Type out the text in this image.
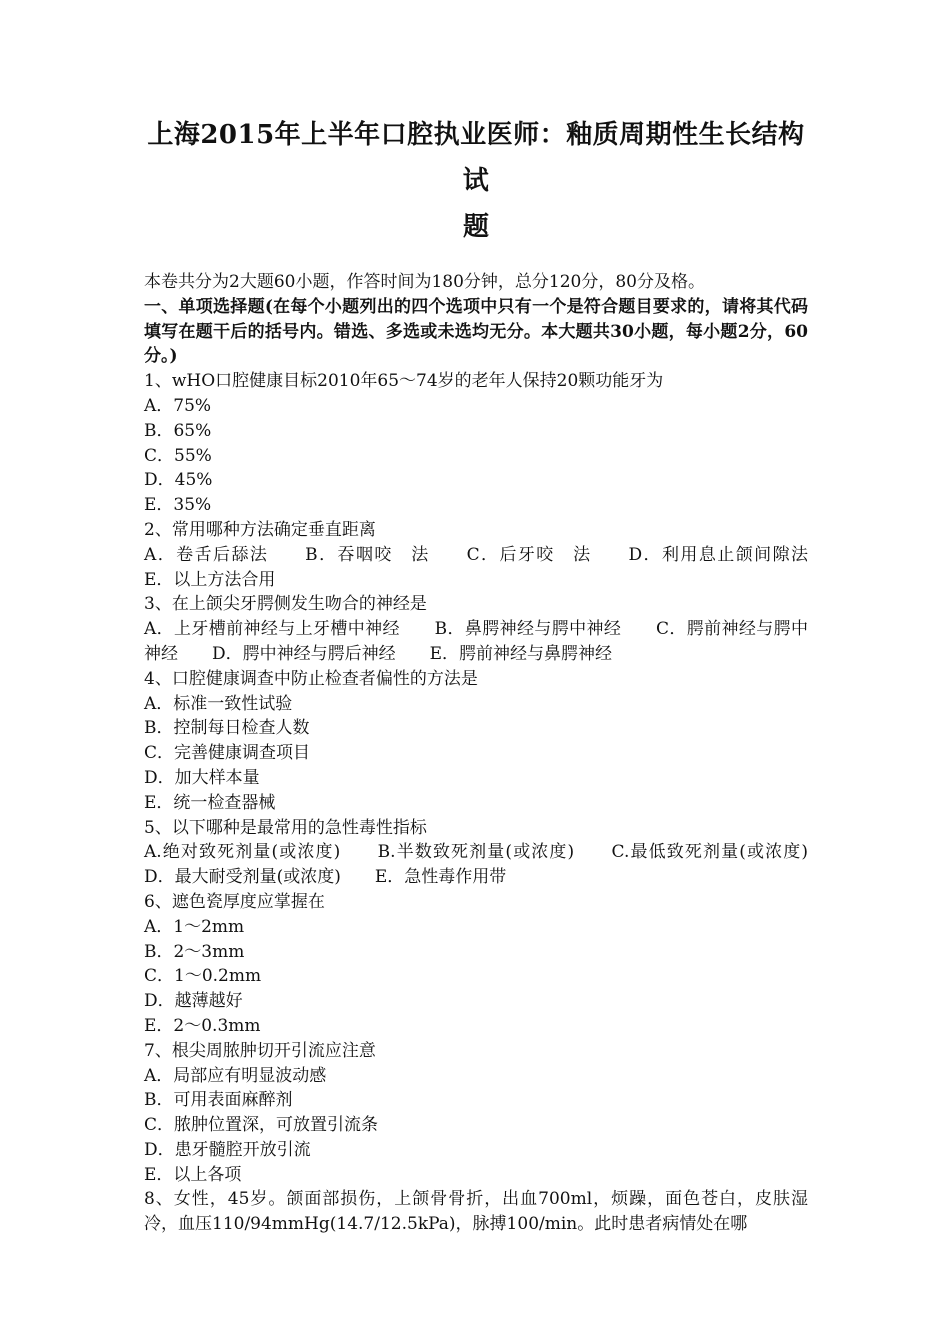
上海2015年上半年口腔执业医师：釉质周期性生长结构试

题

本卷共分为2大题60小题，作答时间为180分钟，总分120分，80分及格。
一、单项选择题(在每个小题列出的四个选项中只有一个是符合题目要求的，请将其代码填写在题干后的括号内。错选、多选或未选均无分。本大题共30小题，每小题2分，60分。)
1、wHO口腔健康目标2010年65～74岁的老年人保持20颗功能牙为
A．75%
B．65%
C．55%
D．45%
E．35%
2、常用哪种方法确定垂直距离
A．卷舌后舔法　　B．吞咽咬　法　　C．后牙咬　法　　D．利用息止颌间隙法　　E．以上方法合用
3、在上颌尖牙腭侧发生吻合的神经是
A．上牙槽前神经与上牙槽中神经　　B．鼻腭神经与腭中神经　　C．腭前神经与腭中神经　　D．腭中神经与腭后神经　　E．腭前神经与鼻腭神经
4、口腔健康调查中防止检查者偏性的方法是
A．标准一致性试验
B．控制每日检查人数
C．完善健康调查项目
D．加大样本量
E．统一检查器械
5、以下哪种是最常用的急性毒性指标
A.绝对致死剂量(或浓度)　　B.半数致死剂量(或浓度)　　C.最低致死剂量(或浓度)　　D．最大耐受剂量(或浓度)　　E．急性毒作用带
6、遮色瓷厚度应掌握在
A．1～2mm
B．2～3mm
C．1～0.2mm
D．越薄越好
E．2～0.3mm
7、根尖周脓肿切开引流应注意
A．局部应有明显波动感
B．可用表面麻醉剂
C．脓肿位置深，可放置引流条
D．患牙髓腔开放引流
E．以上各项
8、女性，45岁。颌面部损伤，上颌骨骨折，出血700ml，烦躁，面色苍白，皮肤湿冷，血压110/94mmHg(14.7/12.5kPa)，脉搏100/min。此时患者病情处在哪
